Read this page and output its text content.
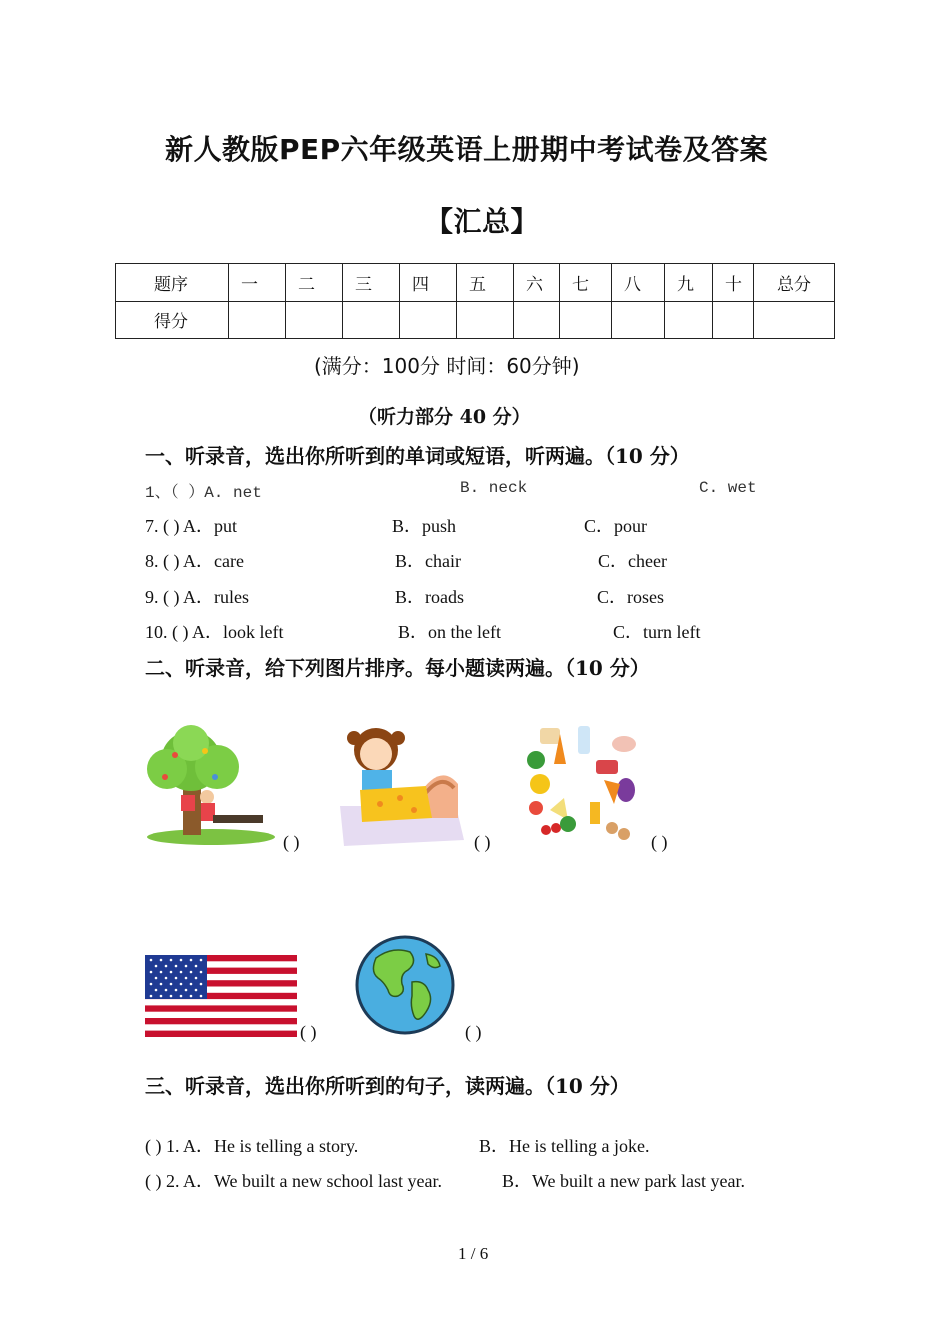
新人教版PEP六年级英语上册期中考试卷及答案
【汇总】
题序	一	二	三	四	五	六	七	八	九	十	总分
得分											
(满分：100分 时间：60分钟)
（听力部分 40 分）
一、听录音，选出你所听到的单词或短语，听两遍。（10 分）
1、（ ）A. net	B. neck	C. wet
7. ( ) A．put	B．push	C．pour
8. ( ) A．care	B．chair	C．cheer
9. ( ) A．rules	B．roads	C．roses
10. ( ) A．look left	B．on the left	C．turn left
二、听录音，给下列图片排序。每小题读两遍。（10 分）
( )	( )	( )
( )	( )
三、听录音，选出你所听到的句子，读两遍。（10 分）
( ) 1. A．He is telling a story.	B．He is telling a joke.
( ) 2. A．We built a new school last year.	B．We built a new park last year.
1 / 6
